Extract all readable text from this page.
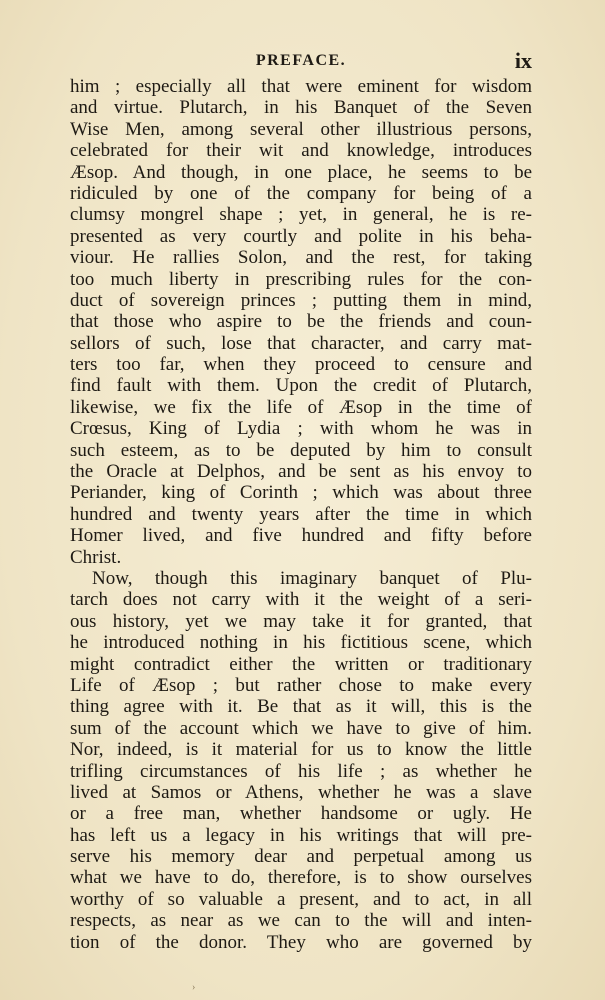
PREFACE.	ix
him ; especially all that were eminent for wisdom
and virtue. Plutarch, in his Banquet of the Seven
Wise Men, among several other illustrious persons,
celebrated for their wit and knowledge, introduces
Æsop. And though, in one place, he seems to be
ridiculed by one of the company for being of a
clumsy mongrel shape ; yet, in general, he is re-
presented as very courtly and polite in his beha-
viour. He rallies Solon, and the rest, for taking
too much liberty in prescribing rules for the con-
duct of sovereign princes ; putting them in mind,
that those who aspire to be the friends and coun-
sellors of such, lose that character, and carry mat-
ters too far, when they proceed to censure and
find fault with them. Upon the credit of Plutarch,
likewise, we fix the life of Æsop in the time of
Crœsus, King of Lydia ; with whom he was in
such esteem, as to be deputed by him to consult
the Oracle at Delphos, and be sent as his envoy to
Periander, king of Corinth ; which was about three
hundred and twenty years after the time in which
Homer lived, and five hundred and fifty before
Christ.
Now, though this imaginary banquet of Plu-
tarch does not carry with it the weight of a seri-
ous history, yet we may take it for granted, that
he introduced nothing in his fictitious scene, which
might contradict either the written or traditionary
Life of Æsop ; but rather chose to make every
thing agree with it. Be that as it will, this is the
sum of the account which we have to give of him.
Nor, indeed, is it material for us to know the little
trifling circumstances of his life ; as whether he
lived at Samos or Athens, whether he was a slave
or a free man, whether handsome or ugly. He
has left us a legacy in his writings that will pre-
serve his memory dear and perpetual among us
what we have to do, therefore, is to show ourselves
worthy of so valuable a present, and to act, in all
respects, as near as we can to the will and inten-
tion of the donor. They who are governed by
›
